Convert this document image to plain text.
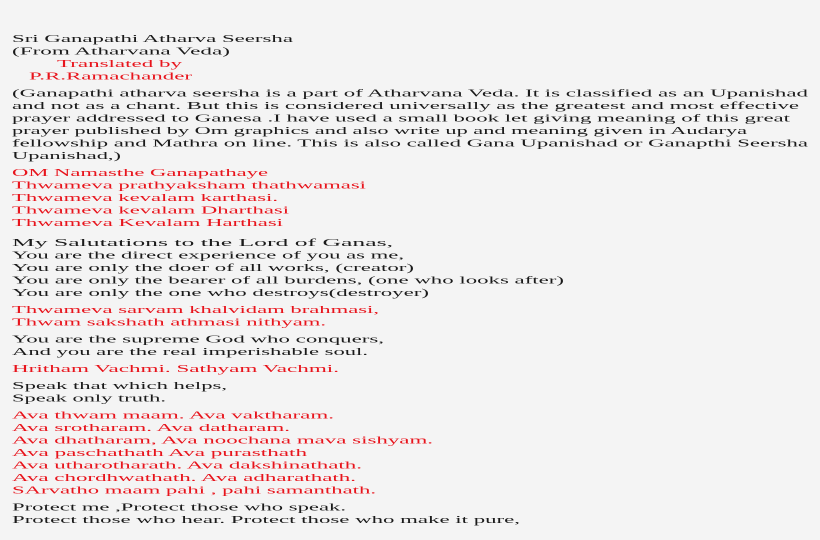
Sri Ganapathi Atharva Seersha
(From Atharvana Veda)
Translated by
P.R.Ramachander
(Ganapathi atharva seersha is a part of Atharvana Veda. It is classified as an Upanishad
and not as a chant. But this is considered universally as the greatest and most effective
prayer addressed to Ganesa .I have used a small book let giving meaning of this great
prayer published by Om graphics and also write up and meaning given in Audarya
fellowship and Mathra on line. This is also called Gana Upanishad or Ganapthi Seersha
Upanishad,)
OM Namasthe Ganapathaye
Thwameva prathyaksham thathwamasi
Thwameva kevalam karthasi.
Thwameva kevalam Dharthasi
Thwameva Kevalam Harthasi
My Salutations to the Lord of Ganas,
You are the direct experience of you as me,
You are only the doer of all works, (creator)
You are only the bearer of all burdens, (one who looks after)
You are only the one who destroys(destroyer)
Thwameva sarvam khalvidam brahmasi,
Thwam sakshath athmasi nithyam.
You are the supreme God who conquers,
And you are the real imperishable soul.
Hritham Vachmi. Sathyam Vachmi.
Speak that which helps,
Speak only truth.
Ava thwam maam. Ava vaktharam.
Ava srotharam. Ava datharam.
Ava dhatharam, Ava noochana mava sishyam.
Ava paschathath Ava purasthath
Ava utharotharath. Ava dakshinathath.
Ava chordhwathath. Ava adharathath.
SArvatho maam pahi , pahi samanthath.
Protect me ,Protect those who speak.
Protect those who hear. Protect those who make it pure,
